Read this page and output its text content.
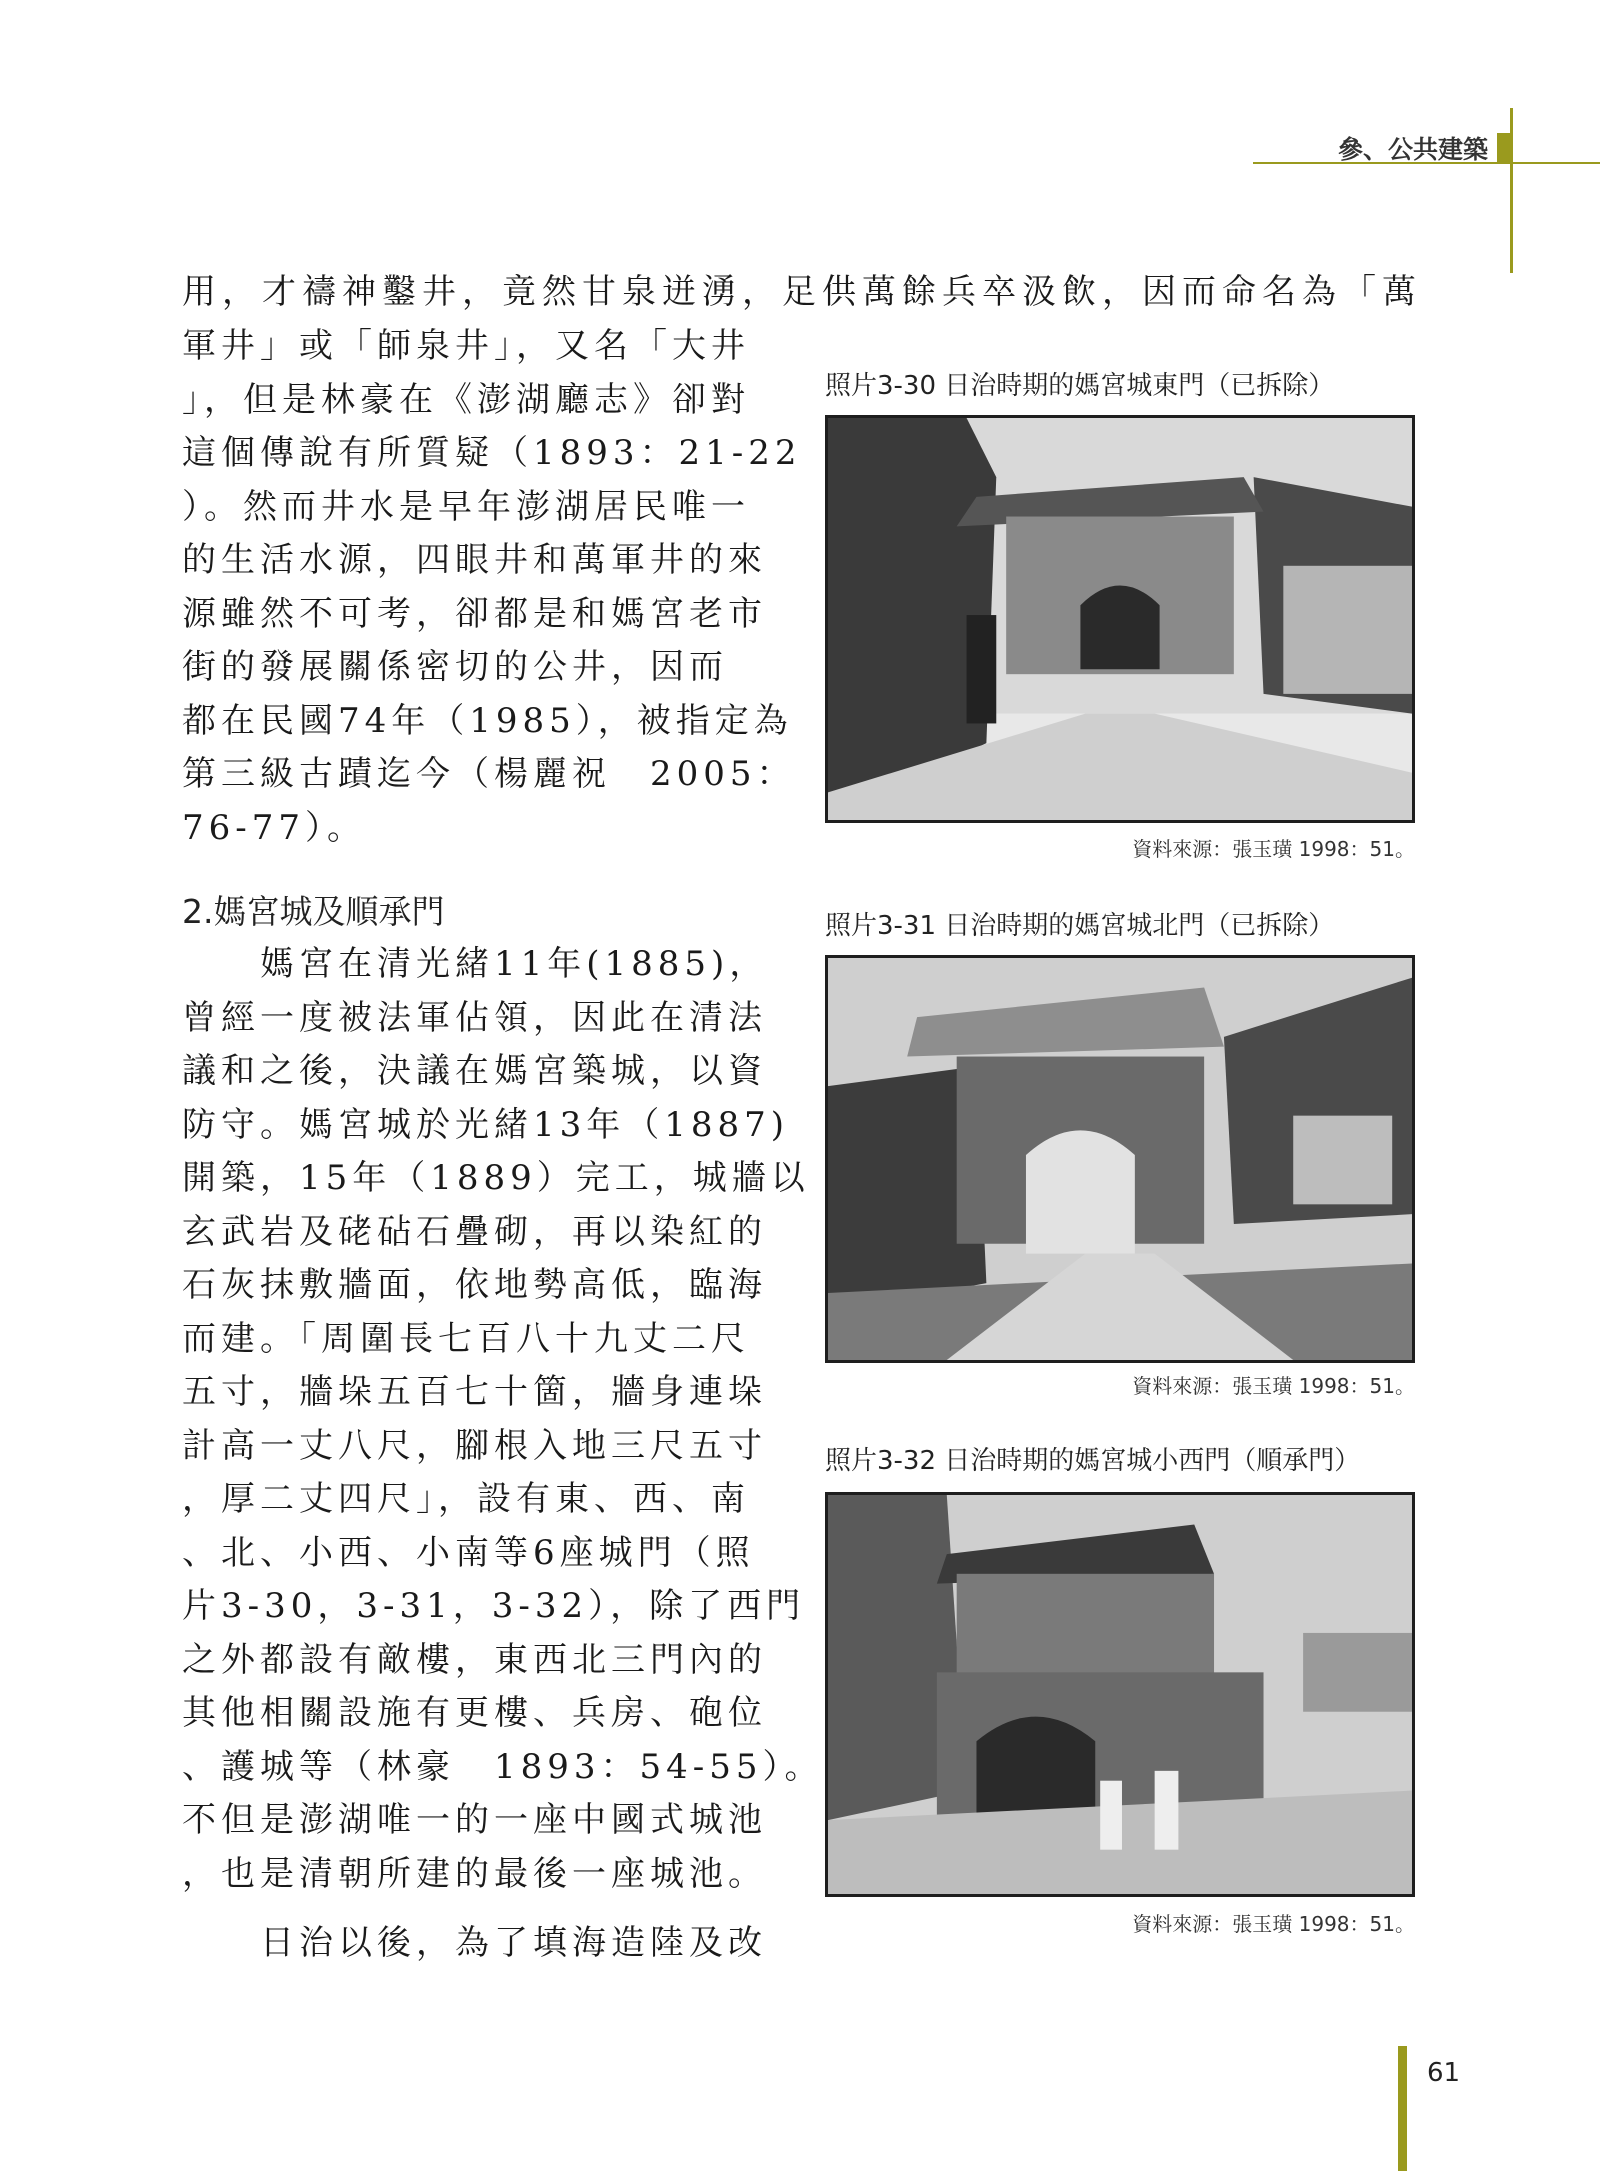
參、公共建築
用，才禱神鑿井，竟然甘泉迸湧，足供萬餘兵卒汲飲，因而命名為「萬
軍井」或「師泉井」，又名「大井
」，但是林豪在《澎湖廳志》卻對
這個傳說有所質疑（1893：21-22
）。然而井水是早年澎湖居民唯一
的生活水源，四眼井和萬軍井的來
源雖然不可考，卻都是和媽宮老市
街的發展關係密切的公井，因而
都在民國74年（1985），被指定為
第三級古蹟迄今（楊麗祝　2005：
76-77）。
2.媽宮城及順承門
　　媽宮在清光緒11年(1885)，
曾經一度被法軍佔領，因此在清法
議和之後，決議在媽宮築城，以資
防守。媽宮城於光緒13年（1887)
開築，15年（1889）完工，城牆以
玄武岩及硓砧石疊砌，再以染紅的
石灰抹敷牆面，依地勢高低，臨海
而建。「周圍長七百八十九丈二尺
五寸，牆垛五百七十箇，牆身連垛
計高一丈八尺，腳根入地三尺五寸
，厚二丈四尺」，設有東、西、南
、北、小西、小南等6座城門（照
片3-30，3-31，3-32），除了西門
之外都設有敵樓，東西北三門內的
其他相關設施有更樓、兵房、砲位
、護城等（林豪　1893：54-55）。
不但是澎湖唯一的一座中國式城池
，也是清朝所建的最後一座城池。
　　日治以後，為了填海造陸及改
照片3-30 日治時期的媽宮城東門（已拆除）
資料來源：張玉璜 1998：51。
照片3-31 日治時期的媽宮城北門（已拆除）
資料來源：張玉璜 1998：51。
照片3-32 日治時期的媽宮城小西門（順承門）
資料來源：張玉璜 1998：51。
61
